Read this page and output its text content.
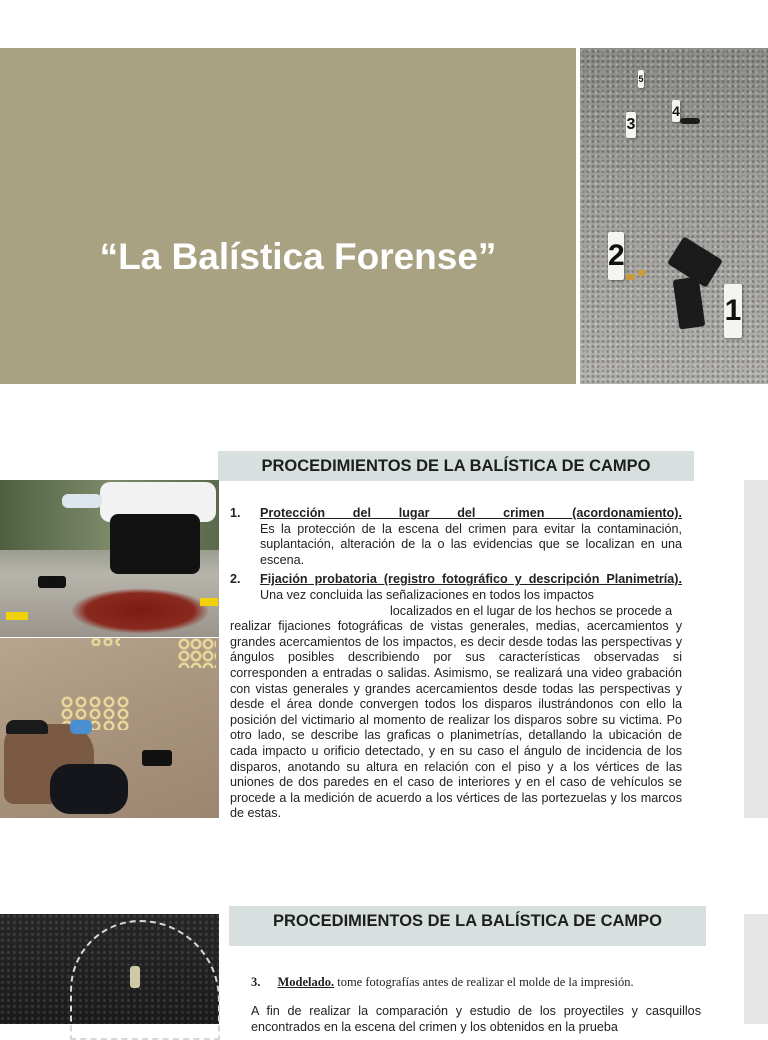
“La Balística Forense”
5
4
3
2
1
PROCEDIMIENTOS DE LA BALÍSTICA DE CAMPO
1. Protección del lugar del crimen (acordonamiento).
Es la protección de la escena del crimen para evitar la contaminación, suplantación, alteración de la o las evidencias que se localizan en una escena.
2. Fijación probatoria (registro fotográfico y descripción Planimetría).
Una vez concluida las señalizaciones en todos los impactos
localizados en el lugar de los hechos se procede a
realizar fijaciones fotográficas de vistas generales, medias, acercamientos y grandes acercamientos de los impactos, es decir desde todas las perspectivas y ángulos posibles describiendo por sus características observadas si corresponden a entradas o salidas. Asimismo, se realizará una video grabación con vistas generales y grandes acercamientos desde todas las perspectivas y desde el área donde convergen todos los disparos ilustrándonos con ello la posición del victimario al momento de realizar los disparos sobre su victima. Po otro lado, se describe las graficas o planimetrías, detallando la ubicación de cada impacto u orificio detectado, y en su caso el ángulo de incidencia de los disparos, anotando su altura en relación con el piso y a los vértices de las uniones de dos paredes en el caso de interiores y en el caso de vehículos se procede a la medición de acuerdo a los vértices de las portezuelas y los marcos de estas.
PROCEDIMIENTOS DE LA BALÍSTICA DE CAMPO
3. Modelado. tome fotografías antes de realizar el molde de la impresión.
A fin de realizar la comparación y estudio de los proyectiles y casquillos encontrados en la escena del crimen y los obtenidos en la prueba
